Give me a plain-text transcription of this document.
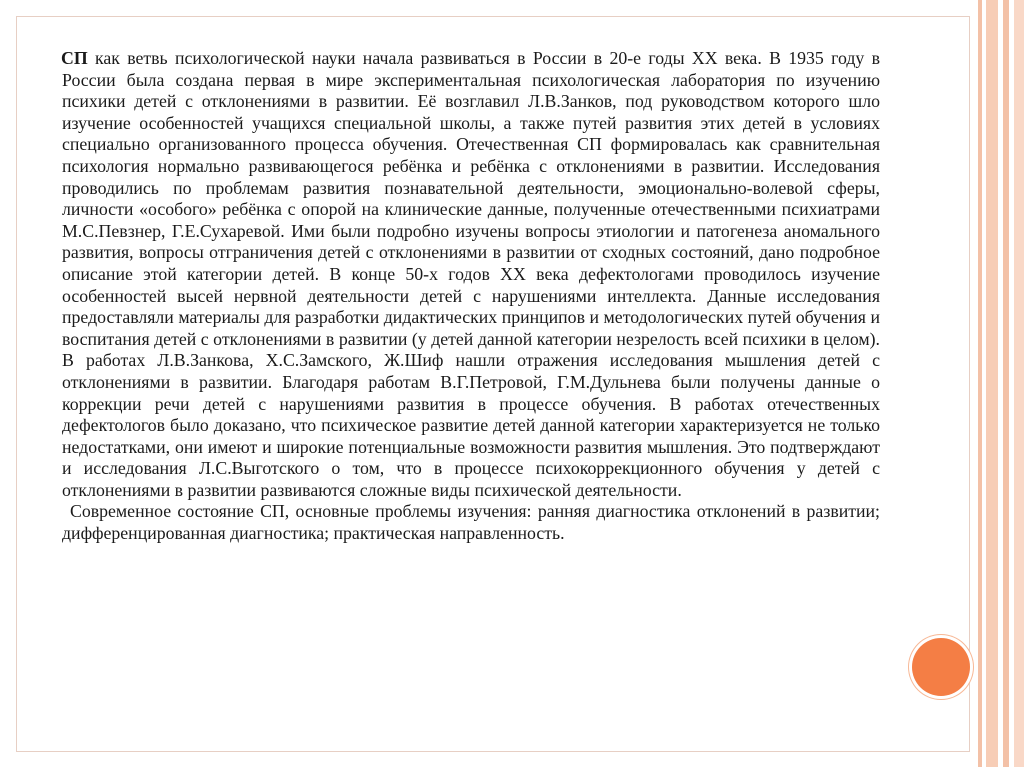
СП как ветвь психологической науки начала развиваться в России в 20-е годы XX века. В 1935 году в России была создана первая в мире экспериментальная психологическая лаборатория по изучению психики детей с отклонениями в развитии. Её возглавил Л.В.Занков, под руководством которого шло изучение особенностей учащихся специальной школы, а также путей развития этих детей в условиях специально организованного процесса обучения. Отечественная СП формировалась как сравнительная психология нормально развивающегося ребёнка и ребёнка с отклонениями в развитии. Исследования проводились по проблемам развития познавательной деятельности, эмоционально-волевой сферы, личности «особого» ребёнка с опорой на клинические данные, полученные отечественными психиатрами М.С.Певзнер, Г.Е.Сухаревой. Ими были подробно изучены вопросы этиологии и патогенеза аномального развития, вопросы отграничения детей с отклонениями в развитии от сходных состояний, дано подробное описание этой категории детей. В конце 50-х годов XX века дефектологами проводилось изучение особенностей высей нервной деятельности детей с нарушениями интеллекта. Данные исследования предоставляли материалы для разработки дидактических принципов и методологических путей обучения и воспитания детей с отклонениями в развитии (у детей данной категории незрелость всей психики в целом). В работах Л.В.Занкова, Х.С.Замского, Ж.Шиф нашли отражения исследования мышления детей с отклонениями в развитии. Благодаря работам В.Г.Петровой, Г.М.Дульнева были получены данные о коррекции речи детей с нарушениями развития в процессе обучения. В работах отечественных дефектологов было доказано, что психическое развитие детей данной категории характеризуется не только недостатками, они имеют и широкие потенциальные возможности развития мышления. Это подтверждают и исследования Л.С.Выготского о том, что в процессе психокоррекционного обучения у детей с отклонениями в развитии развиваются сложные виды психической деятельности.

Современное состояние СП, основные проблемы изучения: ранняя диагностика отклонений в развитии; дифференцированная диагностика; практическая направленность.
